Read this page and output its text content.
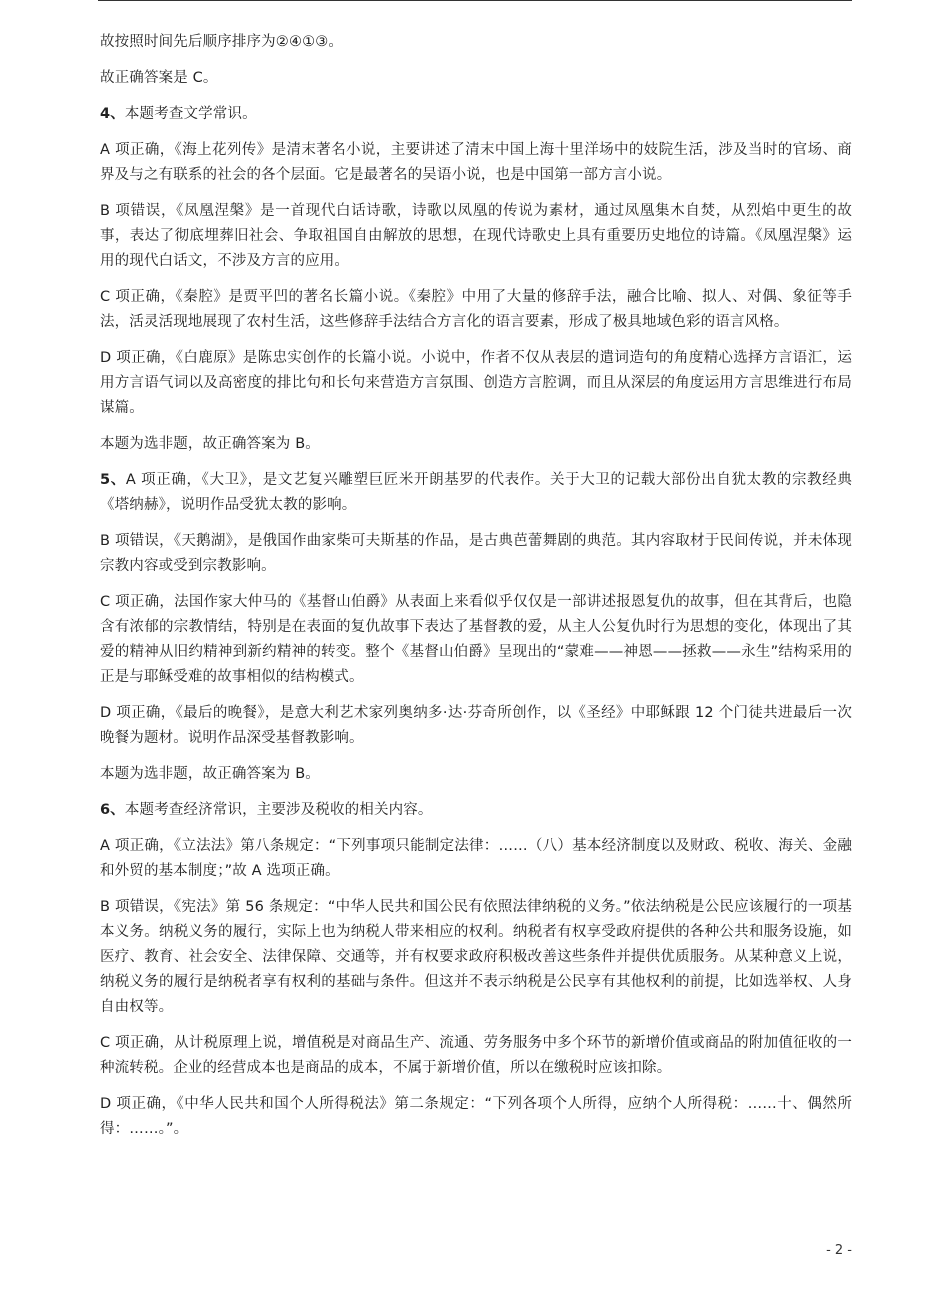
故按照时间先后顺序排序为②④①③。

故正确答案是 C。

4、本题考查文学常识。

A 项正确，《海上花列传》是清末著名小说，主要讲述了清末中国上海十里洋场中的妓院生活，涉及当时的官场、商界及与之有联系的社会的各个层面。它是最著名的吴语小说，也是中国第一部方言小说。

B 项错误，《凤凰涅槃》是一首现代白话诗歌，诗歌以凤凰的传说为素材，通过凤凰集木自焚，从烈焰中更生的故事，表达了彻底埋葬旧社会、争取祖国自由解放的思想，在现代诗歌史上具有重要历史地位的诗篇。《凤凰涅槃》运用的现代白话文，不涉及方言的应用。

C 项正确，《秦腔》是贾平凹的著名长篇小说。《秦腔》中用了大量的修辞手法，融合比喻、拟人、对偶、象征等手法，活灵活现地展现了农村生活，这些修辞手法结合方言化的语言要素，形成了极具地域色彩的语言风格。

D 项正确，《白鹿原》是陈忠实创作的长篇小说。小说中，作者不仅从表层的遣词造句的角度精心选择方言语汇，运用方言语气词以及高密度的排比句和长句来营造方言氛围、创造方言腔调，而且从深层的角度运用方言思维进行布局谋篇。

本题为选非题，故正确答案为 B。

5、A 项正确，《大卫》，是文艺复兴雕塑巨匠米开朗基罗的代表作。关于大卫的记载大部份出自犹太教的宗教经典《塔纳赫》，说明作品受犹太教的影响。

B 项错误，《天鹅湖》，是俄国作曲家柴可夫斯基的作品，是古典芭蕾舞剧的典范。其内容取材于民间传说，并未体现宗教内容或受到宗教影响。

C 项正确，法国作家大仲马的《基督山伯爵》从表面上来看似乎仅仅是一部讲述报恩复仇的故事，但在其背后，也隐含有浓郁的宗教情结，特别是在表面的复仇故事下表达了基督教的爱，从主人公复仇时行为思想的变化，体现出了其爱的精神从旧约精神到新约精神的转变。整个《基督山伯爵》呈现出的“蒙难——神恩——拯救——永生”结构采用的正是与耶稣受难的故事相似的结构模式。

D 项正确，《最后的晚餐》，是意大利艺术家列奥纳多·达·芬奇所创作，以《圣经》中耶稣跟 12 个门徒共进最后一次晚餐为题材。说明作品深受基督教影响。

本题为选非题，故正确答案为 B。

6、本题考查经济常识，主要涉及税收的相关内容。

A 项正确，《立法法》第八条规定：“下列事项只能制定法律：……（八）基本经济制度以及财政、税收、海关、金融和外贸的基本制度；”故 A 选项正确。

B 项错误，《宪法》第 56 条规定：“中华人民共和国公民有依照法律纳税的义务。”依法纳税是公民应该履行的一项基本义务。纳税义务的履行，实际上也为纳税人带来相应的权利。纳税者有权享受政府提供的各种公共和服务设施，如医疗、教育、社会安全、法律保障、交通等，并有权要求政府积极改善这些条件并提供优质服务。从某种意义上说，纳税义务的履行是纳税者享有权利的基础与条件。但这并不表示纳税是公民享有其他权利的前提，比如选举权、人身自由权等。

C 项正确，从计税原理上说，增值税是对商品生产、流通、劳务服务中多个环节的新增价值或商品的附加值征收的一种流转税。企业的经营成本也是商品的成本，不属于新增价值，所以在缴税时应该扣除。

D 项正确，《中华人民共和国个人所得税法》第二条规定：“下列各项个人所得，应纳个人所得税：……十、偶然所得：……。”。

- 2 -
